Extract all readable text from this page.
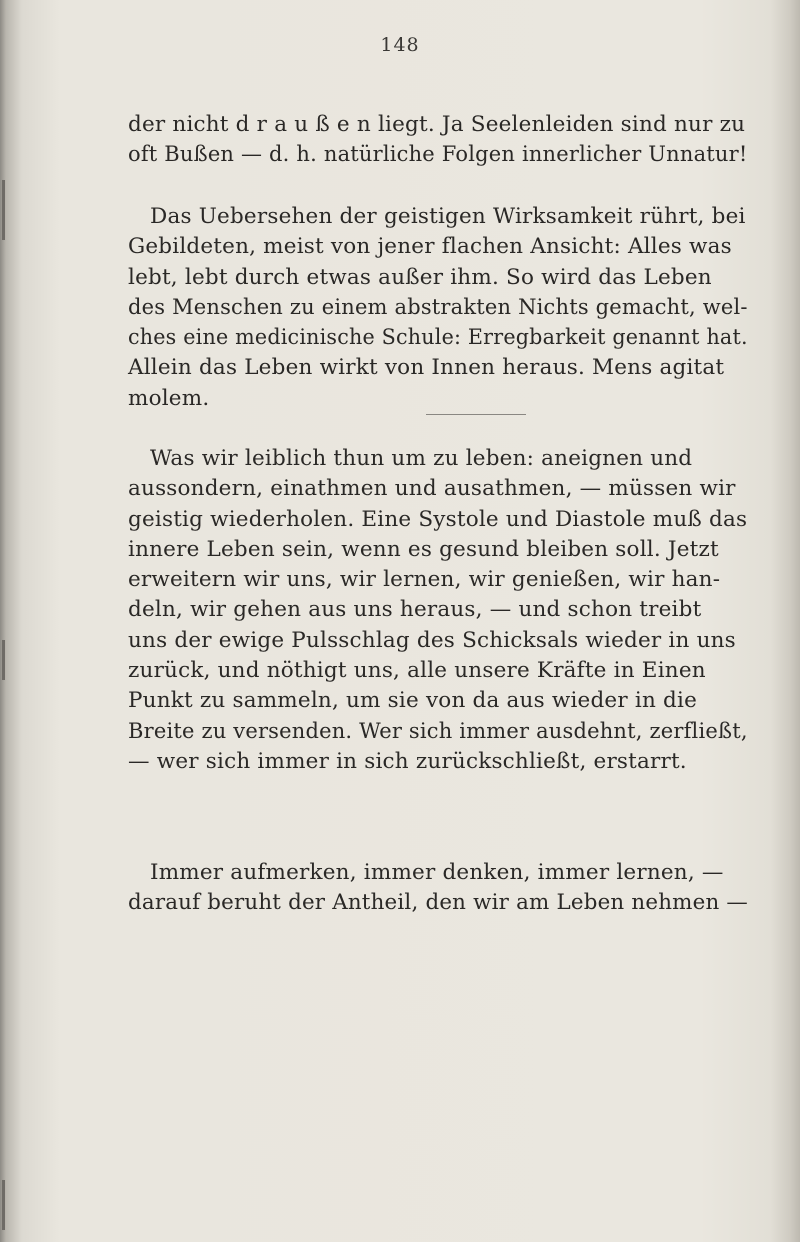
148
der nicht d r a u ß e n liegt. Ja Seelenleiden sind nur zu
oft Bußen — d. h. natürliche Folgen innerlicher Unnatur!
Das Uebersehen der geistigen Wirksamkeit rührt, bei
Gebildeten, meist von jener flachen Ansicht: Alles was
lebt, lebt durch etwas außer ihm. So wird das Leben
des Menschen zu einem abstrakten Nichts gemacht, wel-
ches eine medicinische Schule: Erregbarkeit genannt hat.
Allein das Leben wirkt von Innen heraus. Mens agitat
molem.
Was wir leiblich thun um zu leben: aneignen und
aussondern, einathmen und ausathmen, — müssen wir
geistig wiederholen. Eine Systole und Diastole muß das
innere Leben sein, wenn es gesund bleiben soll. Jetzt
erweitern wir uns, wir lernen, wir genießen, wir han-
deln, wir gehen aus uns heraus, — und schon treibt
uns der ewige Pulsschlag des Schicksals wieder in uns
zurück, und nöthigt uns, alle unsere Kräfte in Einen
Punkt zu sammeln, um sie von da aus wieder in die
Breite zu versenden. Wer sich immer ausdehnt, zerfließt,
— wer sich immer in sich zurückschließt, erstarrt.
Immer aufmerken, immer denken, immer lernen, —
darauf beruht der Antheil, den wir am Leben nehmen —
